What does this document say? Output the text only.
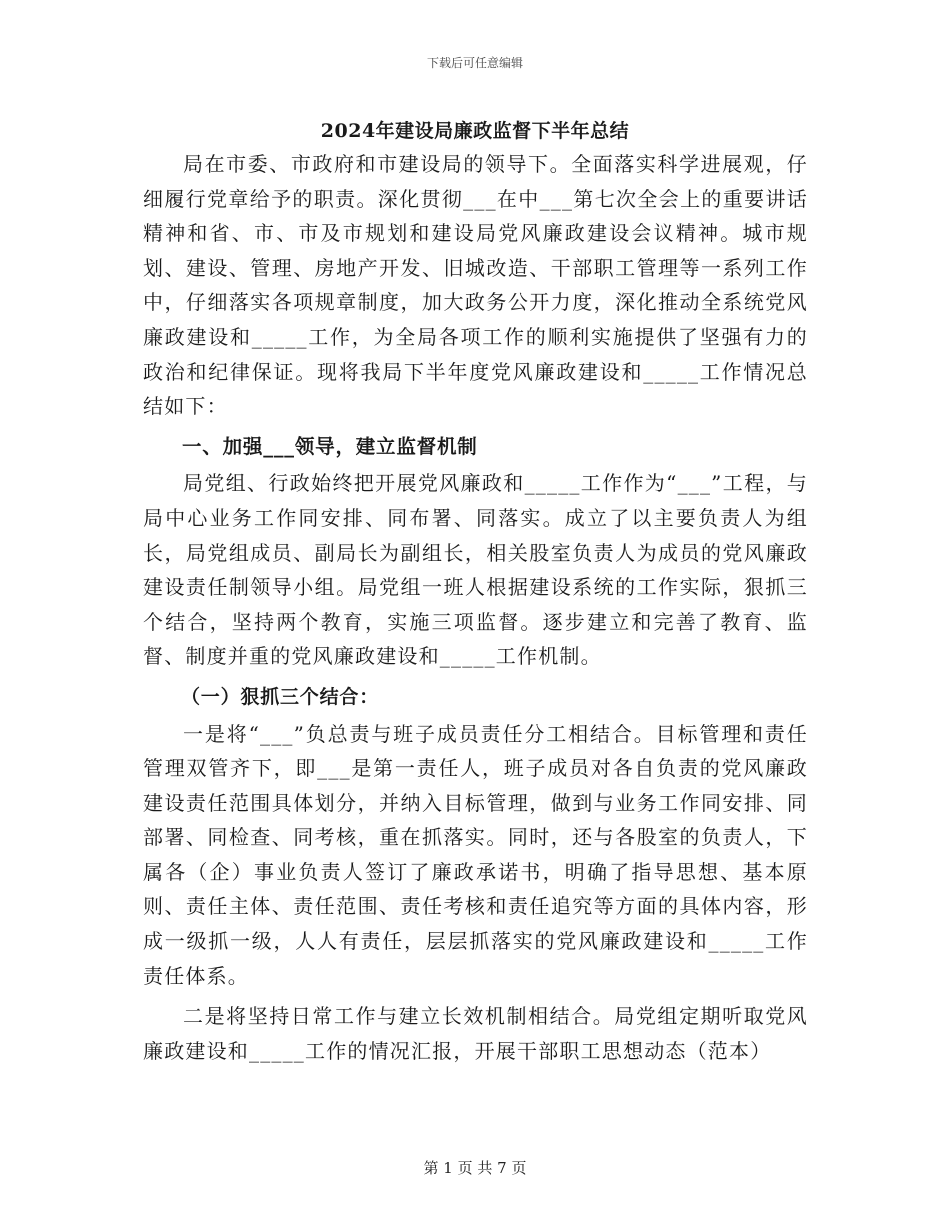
下载后可任意编辑
2024年建设局廉政监督下半年总结

局在市委、市政府和市建设局的领导下。全面落实科学进展观，仔细履行党章给予的职责。深化贯彻___在中___第七次全会上的重要讲话精神和省、市、市及市规划和建设局党风廉政建设会议精神。城市规划、建设、管理、房地产开发、旧城改造、干部职工管理等一系列工作中，仔细落实各项规章制度，加大政务公开力度，深化推动全系统党风廉政建设和_____工作，为全局各项工作的顺利实施提供了坚强有力的政治和纪律保证。现将我局下半年度党风廉政建设和_____工作情况总结如下：

一、加强___领导，建立监督机制

局党组、行政始终把开展党风廉政和_____工作作为“___”工程，与局中心业务工作同安排、同布署、同落实。成立了以主要负责人为组长，局党组成员、副局长为副组长，相关股室负责人为成员的党风廉政建设责任制领导小组。局党组一班人根据建设系统的工作实际，狠抓三个结合，坚持两个教育，实施三项监督。逐步建立和完善了教育、监督、制度并重的党风廉政建设和_____工作机制。

（一）狠抓三个结合：

一是将“___”负总责与班子成员责任分工相结合。目标管理和责任管理双管齐下，即___是第一责任人，班子成员对各自负责的党风廉政建设责任范围具体划分，并纳入目标管理，做到与业务工作同安排、同部署、同检查、同考核，重在抓落实。同时，还与各股室的负责人，下属各（企）事业负责人签订了廉政承诺书，明确了指导思想、基本原则、责任主体、责任范围、责任考核和责任追究等方面的具体内容，形成一级抓一级，人人有责任，层层抓落实的党风廉政建设和_____工作责任体系。

二是将坚持日常工作与建立长效机制相结合。局党组定期听取党风廉政建设和_____工作的情况汇报，开展干部职工思想动态（范本）

第 1 页 共 7 页
